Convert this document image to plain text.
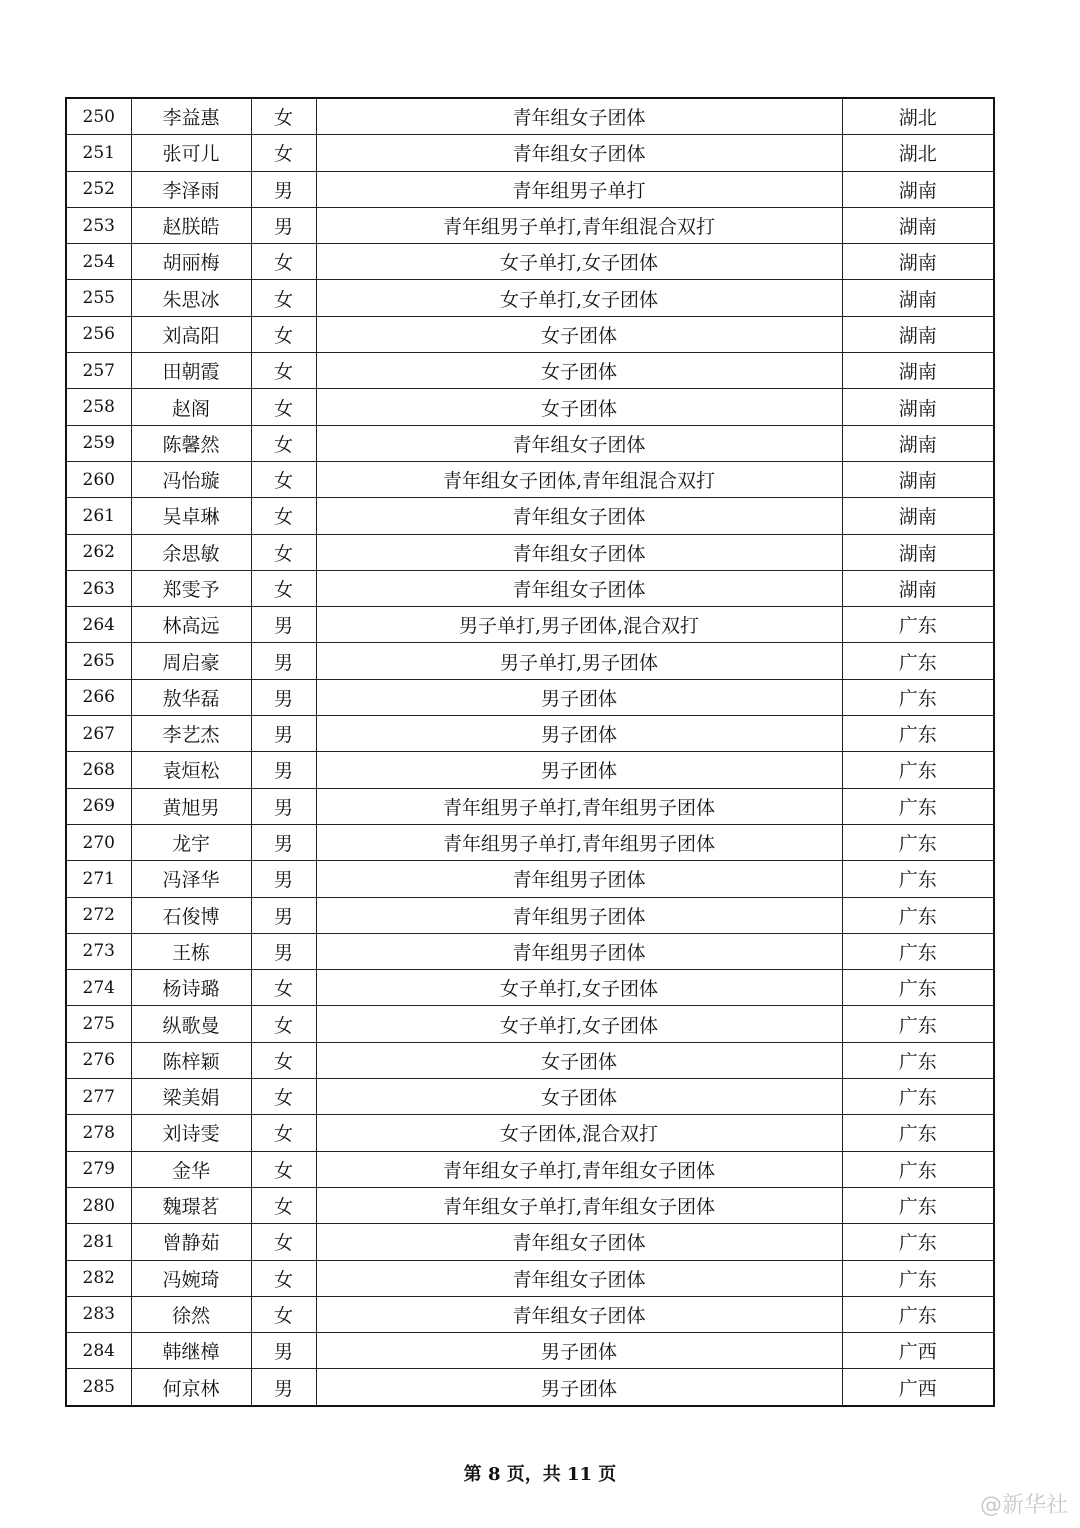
250	李益惠	女	青年组女子团体	湖北
251	张可儿	女	青年组女子团体	湖北
252	李泽雨	男	青年组男子单打	湖南
253	赵朕皓	男	青年组男子单打,青年组混合双打	湖南
254	胡丽梅	女	女子单打,女子团体	湖南
255	朱思冰	女	女子单打,女子团体	湖南
256	刘高阳	女	女子团体	湖南
257	田朝霞	女	女子团体	湖南
258	赵阁	女	女子团体	湖南
259	陈馨然	女	青年组女子团体	湖南
260	冯怡璇	女	青年组女子团体,青年组混合双打	湖南
261	吴卓琳	女	青年组女子团体	湖南
262	余思敏	女	青年组女子团体	湖南
263	郑雯予	女	青年组女子团体	湖南
264	林高远	男	男子单打,男子团体,混合双打	广东
265	周启豪	男	男子单打,男子团体	广东
266	敖华磊	男	男子团体	广东
267	李艺杰	男	男子团体	广东
268	袁烜松	男	男子团体	广东
269	黄旭男	男	青年组男子单打,青年组男子团体	广东
270	龙宇	男	青年组男子单打,青年组男子团体	广东
271	冯泽华	男	青年组男子团体	广东
272	石俊博	男	青年组男子团体	广东
273	王栋	男	青年组男子团体	广东
274	杨诗璐	女	女子单打,女子团体	广东
275	纵歌曼	女	女子单打,女子团体	广东
276	陈梓颖	女	女子团体	广东
277	梁美娟	女	女子团体	广东
278	刘诗雯	女	女子团体,混合双打	广东
279	金华	女	青年组女子单打,青年组女子团体	广东
280	魏璟茗	女	青年组女子单打,青年组女子团体	广东
281	曾静茹	女	青年组女子团体	广东
282	冯婉琦	女	青年组女子团体	广东
283	徐然	女	青年组女子团体	广东
284	韩继樟	男	男子团体	广西
285	何京林	男	男子团体	广西
第 8 页，共 11 页
@新华社
